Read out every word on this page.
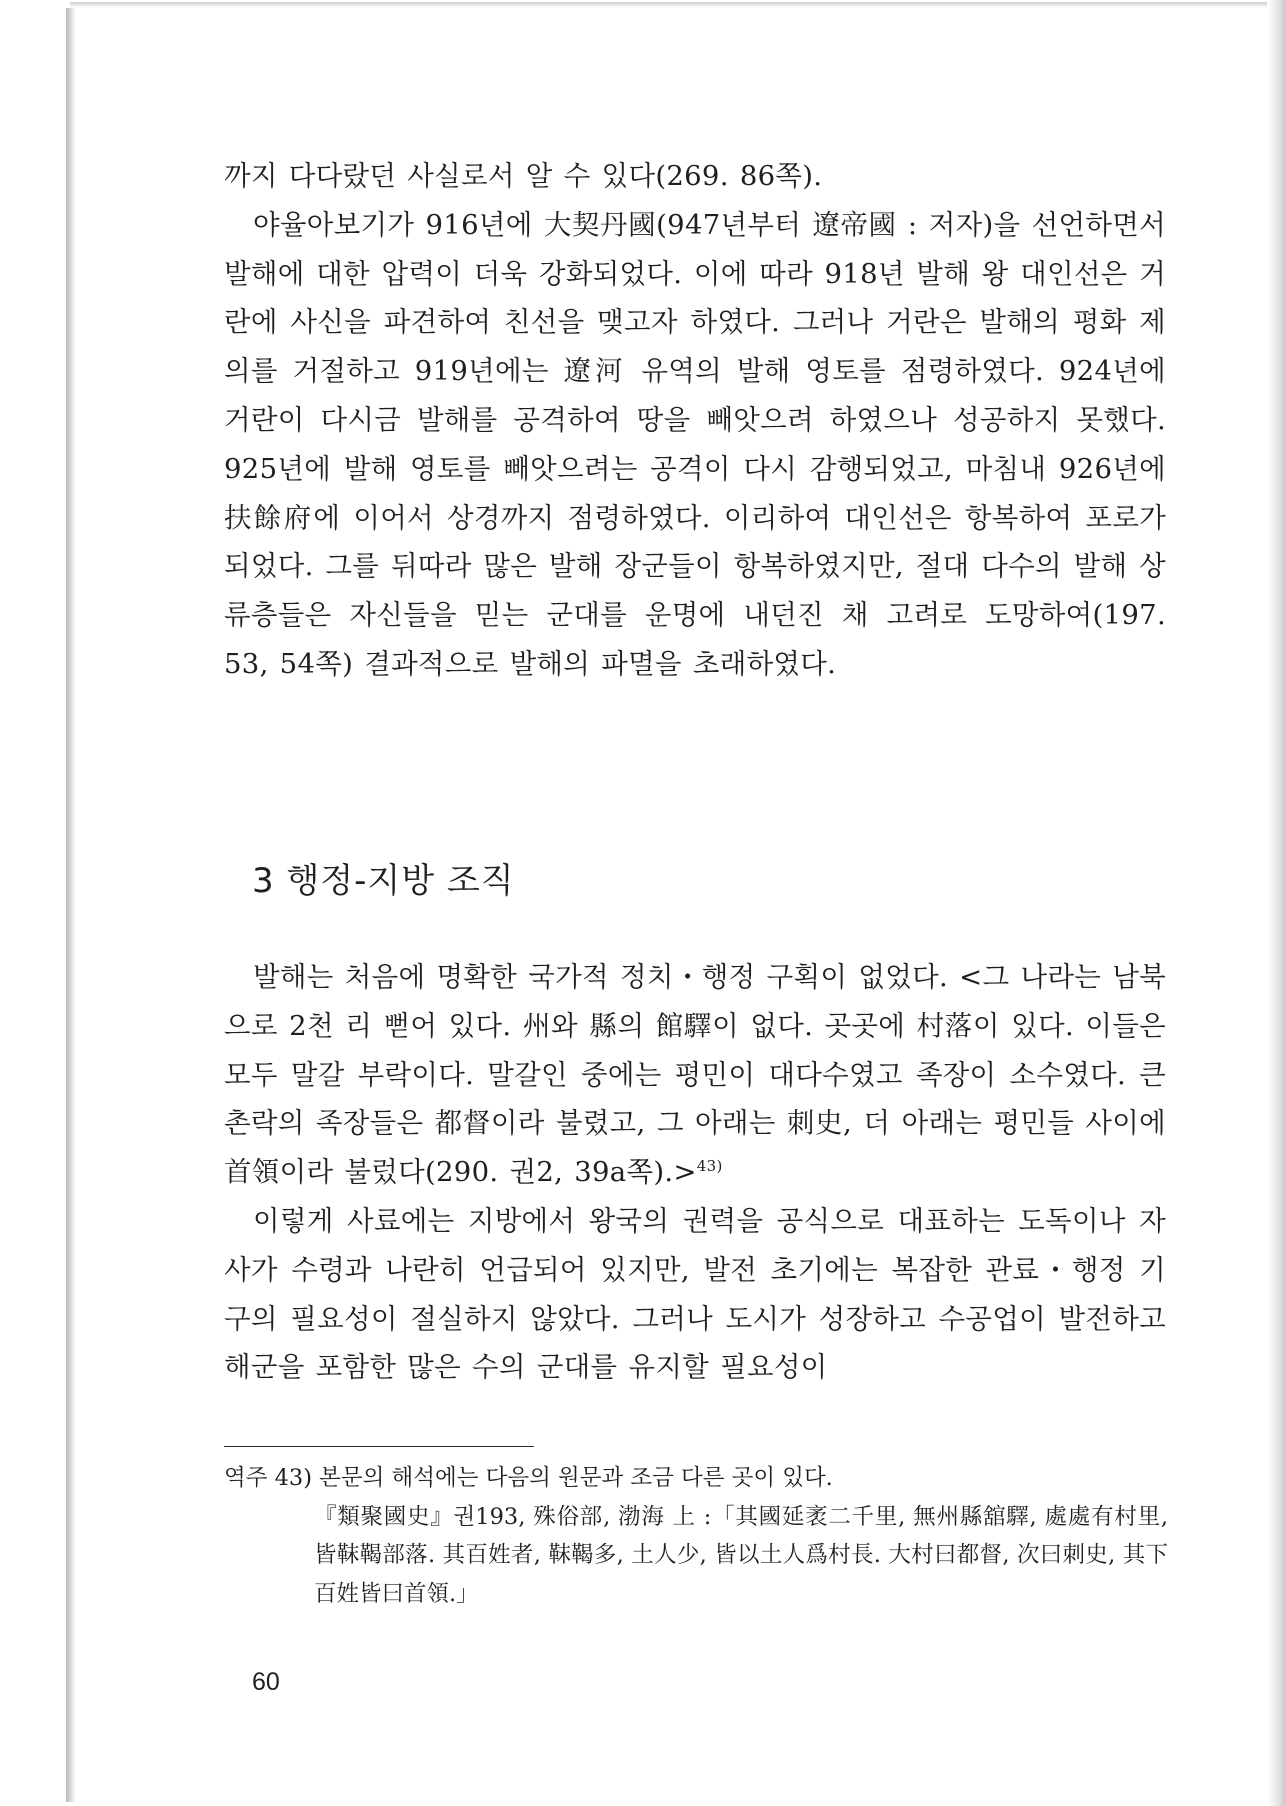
까지 다다랐던 사실로서 알 수 있다(269. 86쪽).

야율아보기가 916년에 大契丹國(947년부터 遼帝國 : 저자)을 선언하면서 발해에 대한 압력이 더욱 강화되었다. 이에 따라 918년 발해 왕 대인선은 거란에 사신을 파견하여 친선을 맺고자 하였다. 그러나 거란은 발해의 평화 제의를 거절하고 919년에는 遼河 유역의 발해 영토를 점령하였다. 924년에 거란이 다시금 발해를 공격하여 땅을 빼앗으려 하였으나 성공하지 못했다. 925년에 발해 영토를 빼앗으려는 공격이 다시 감행되었고, 마침내 926년에 扶餘府에 이어서 상경까지 점령하였다. 이리하여 대인선은 항복하여 포로가 되었다. 그를 뒤따라 많은 발해 장군들이 항복하였지만, 절대 다수의 발해 상류층들은 자신들을 믿는 군대를 운명에 내던진 채 고려로 도망하여(197. 53, 54쪽) 결과적으로 발해의 파멸을 초래하였다.

3 행정-지방 조직

발해는 처음에 명확한 국가적 정치・행정 구획이 없었다. <그 나라는 남북으로 2천 리 뻗어 있다. 州와 縣의 館驛이 없다. 곳곳에 村落이 있다. 이들은 모두 말갈 부락이다. 말갈인 중에는 평민이 대다수였고 족장이 소수였다. 큰 촌락의 족장들은 都督이라 불렸고, 그 아래는 刺史, 더 아래는 평민들 사이에 首領이라 불렀다(290. 권2, 39a쪽).>$^{43)}$

이렇게 사료에는 지방에서 왕국의 권력을 공식으로 대표하는 도독이나 자사가 수령과 나란히 언급되어 있지만, 발전 초기에는 복잡한 관료・행정 기구의 필요성이 절실하지 않았다. 그러나 도시가 성장하고 수공업이 발전하고 해군을 포함한 많은 수의 군대를 유지할 필요성이

역주 43) 본문의 해석에는 다음의 원문과 조금 다른 곳이 있다.

『類聚國史』권193, 殊俗部, 渤海 上 :「其國延袤二千里, 無州縣舘驛, 處處有村里, 皆靺鞨部落. 其百姓者, 靺鞨多, 土人少, 皆以土人爲村長. 大村曰都督, 次曰刺史, 其下百姓皆曰首領.」

60
